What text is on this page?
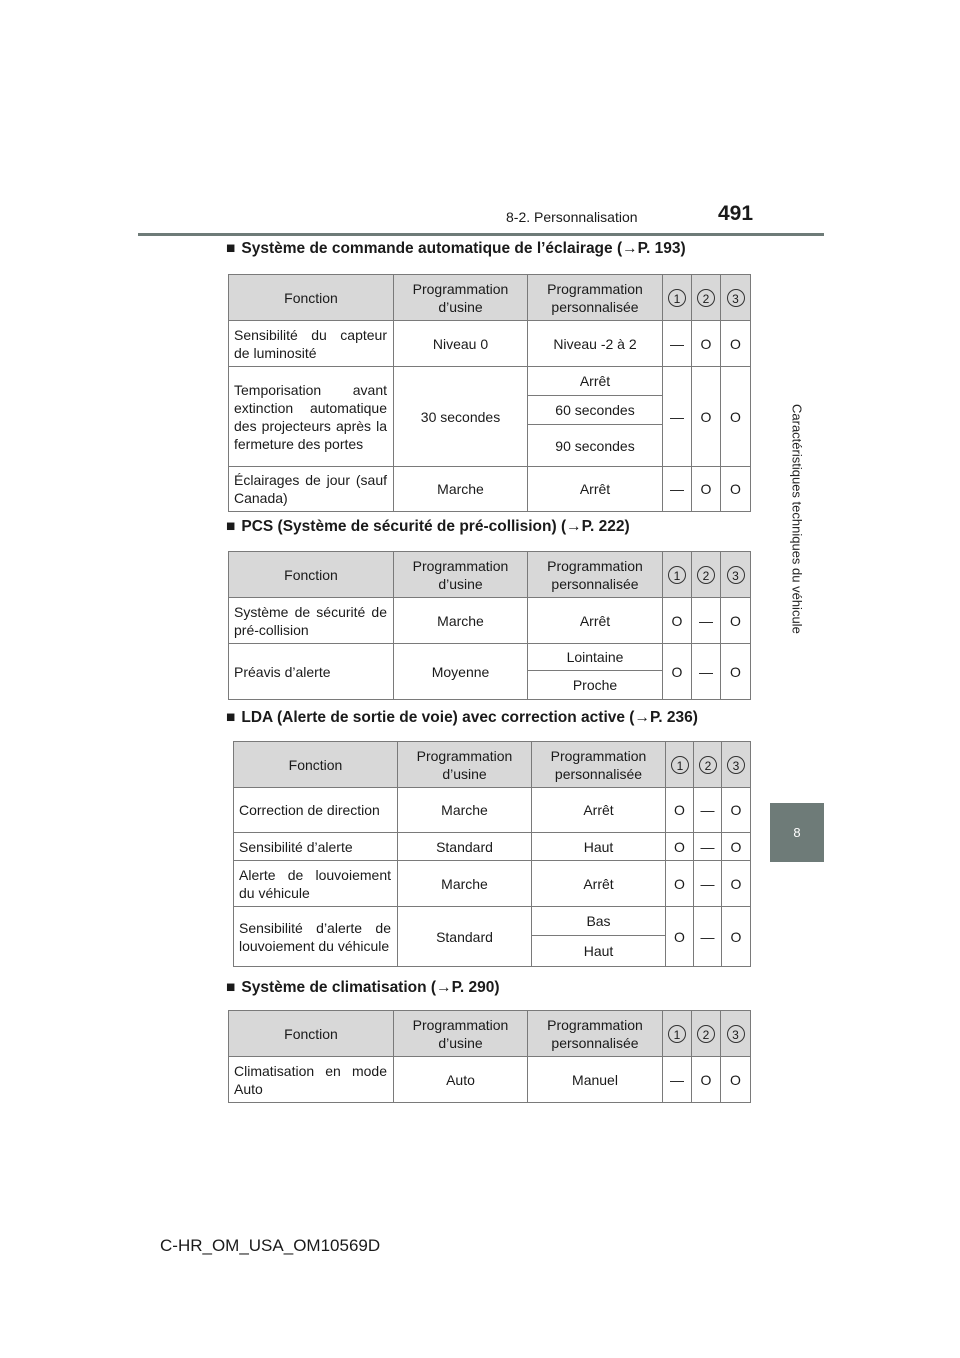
8-2. Personnalisation	491
Caractéristiques techniques du véhicule
8
■ Système de commande automatique de l’éclairage (→P. 193)
Fonction	Programmation d’usine	Programmation personnalisée	1	2	3
Sensibilité du capteur de luminosité	Niveau 0	Niveau -2 à 2	—	O	O
Temporisation avant extinction automatique des projecteurs après la fermeture des portes	30 secondes	Arrêt	—	O	O
		60 secondes			
		90 secondes			
Éclairages de jour (sauf Canada)	Marche	Arrêt	—	O	O
■ PCS (Système de sécurité de pré-collision) (→P. 222)
Fonction	Programmation d’usine	Programmation personnalisée	1	2	3
Système de sécurité de pré-collision	Marche	Arrêt	O	—	O
Préavis d’alerte	Moyenne	Lointaine	O	—	O
		Proche			
■ LDA (Alerte de sortie de voie) avec correction active (→P. 236)
Fonction	Programmation d’usine	Programmation personnalisée	1	2	3
Correction de direction	Marche	Arrêt	O	—	O
Sensibilité d’alerte	Standard	Haut	O	—	O
Alerte de louvoiement du véhicule	Marche	Arrêt	O	—	O
Sensibilité d’alerte de louvoiement du véhicule	Standard	Bas	O	—	O
		Haut			
■ Système de climatisation (→P. 290)
Fonction	Programmation d’usine	Programmation personnalisée	1	2	3
Climatisation en mode Auto	Auto	Manuel	—	O	O
C-HR_OM_USA_OM10569D
